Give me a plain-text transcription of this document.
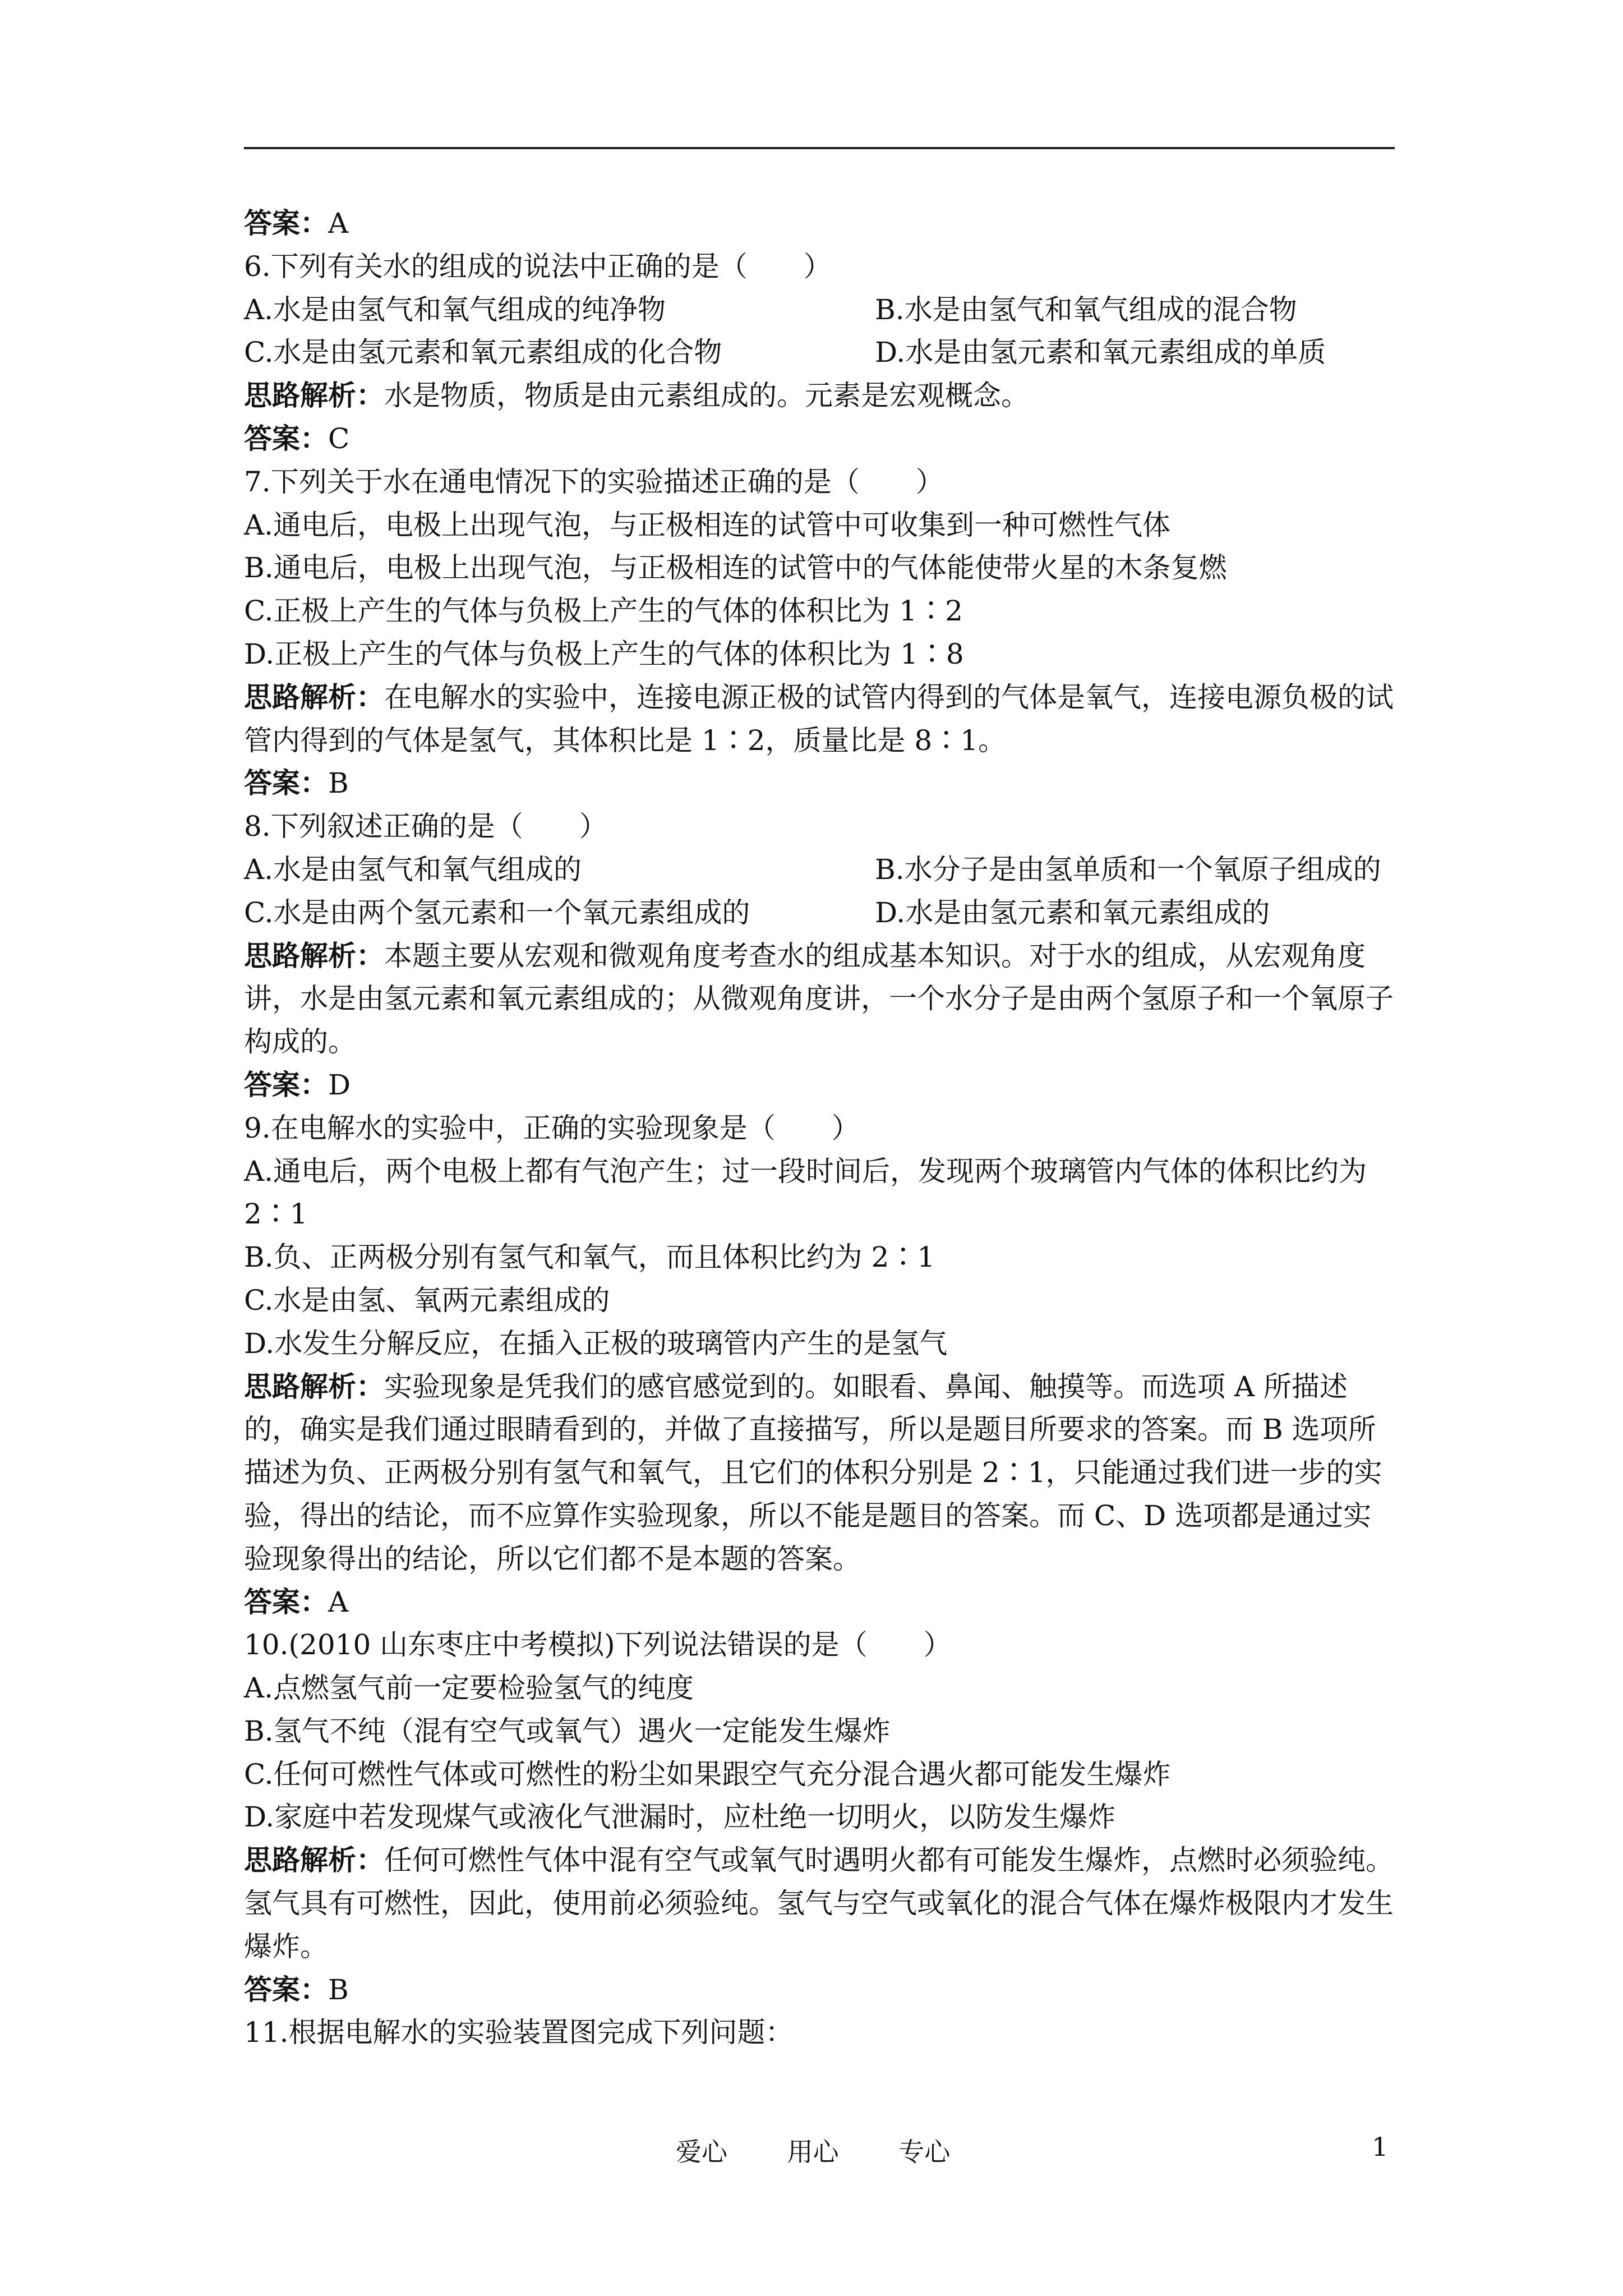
答案：A

6.下列有关水的组成的说法中正确的是（　　）

A.水是由氢气和氧气组成的纯净物	B.水是由氢气和氧气组成的混合物
C.水是由氢元素和氧元素组成的化合物	D.水是由氢元素和氧元素组成的单质

思路解析：水是物质，物质是由元素组成的。元素是宏观概念。

答案：C

7.下列关于水在通电情况下的实验描述正确的是（　　）

A.通电后，电极上出现气泡，与正极相连的试管中可收集到一种可燃性气体

B.通电后，电极上出现气泡，与正极相连的试管中的气体能使带火星的木条复燃

C.正极上产生的气体与负极上产生的气体的体积比为 1∶2

D.正极上产生的气体与负极上产生的气体的体积比为 1∶8

思路解析：在电解水的实验中，连接电源正极的试管内得到的气体是氧气，连接电源负极的试管内得到的气体是氢气，其体积比是 1∶2，质量比是 8∶1。

答案：B

8.下列叙述正确的是（　　）

A.水是由氢气和氧气组成的	B.水分子是由氢单质和一个氧原子组成的
C.水是由两个氢元素和一个氧元素组成的	D.水是由氢元素和氧元素组成的

思路解析：本题主要从宏观和微观角度考查水的组成基本知识。对于水的组成，从宏观角度讲，水是由氢元素和氧元素组成的；从微观角度讲，一个水分子是由两个氢原子和一个氧原子构成的。

答案：D

9.在电解水的实验中，正确的实验现象是（　　）

A.通电后，两个电极上都有气泡产生；过一段时间后，发现两个玻璃管内气体的体积比约为 2∶1

B.负、正两极分别有氢气和氧气，而且体积比约为 2∶1

C.水是由氢、氧两元素组成的

D.水发生分解反应，在插入正极的玻璃管内产生的是氢气

思路解析：实验现象是凭我们的感官感觉到的。如眼看、鼻闻、触摸等。而选项 A 所描述的，确实是我们通过眼睛看到的，并做了直接描写，所以是题目所要求的答案。而 B 选项所描述为负、正两极分别有氢气和氧气，且它们的体积分别是 2∶1，只能通过我们进一步的实验，得出的结论，而不应算作实验现象，所以不能是题目的答案。而 C、D 选项都是通过实验现象得出的结论，所以它们都不是本题的答案。

答案：A

10.(2010 山东枣庄中考模拟)下列说法错误的是（　　）

A.点燃氢气前一定要检验氢气的纯度

B.氢气不纯（混有空气或氧气）遇火一定能发生爆炸

C.任何可燃性气体或可燃性的粉尘如果跟空气充分混合遇火都可能发生爆炸

D.家庭中若发现煤气或液化气泄漏时，应杜绝一切明火，以防发生爆炸

思路解析：任何可燃性气体中混有空气或氧气时遇明火都有可能发生爆炸，点燃时必须验纯。氢气具有可燃性，因此，使用前必须验纯。氢气与空气或氧化的混合气体在爆炸极限内才发生爆炸。

答案：B

11.根据电解水的实验装置图完成下列问题：

爱心 用心 专心	1
